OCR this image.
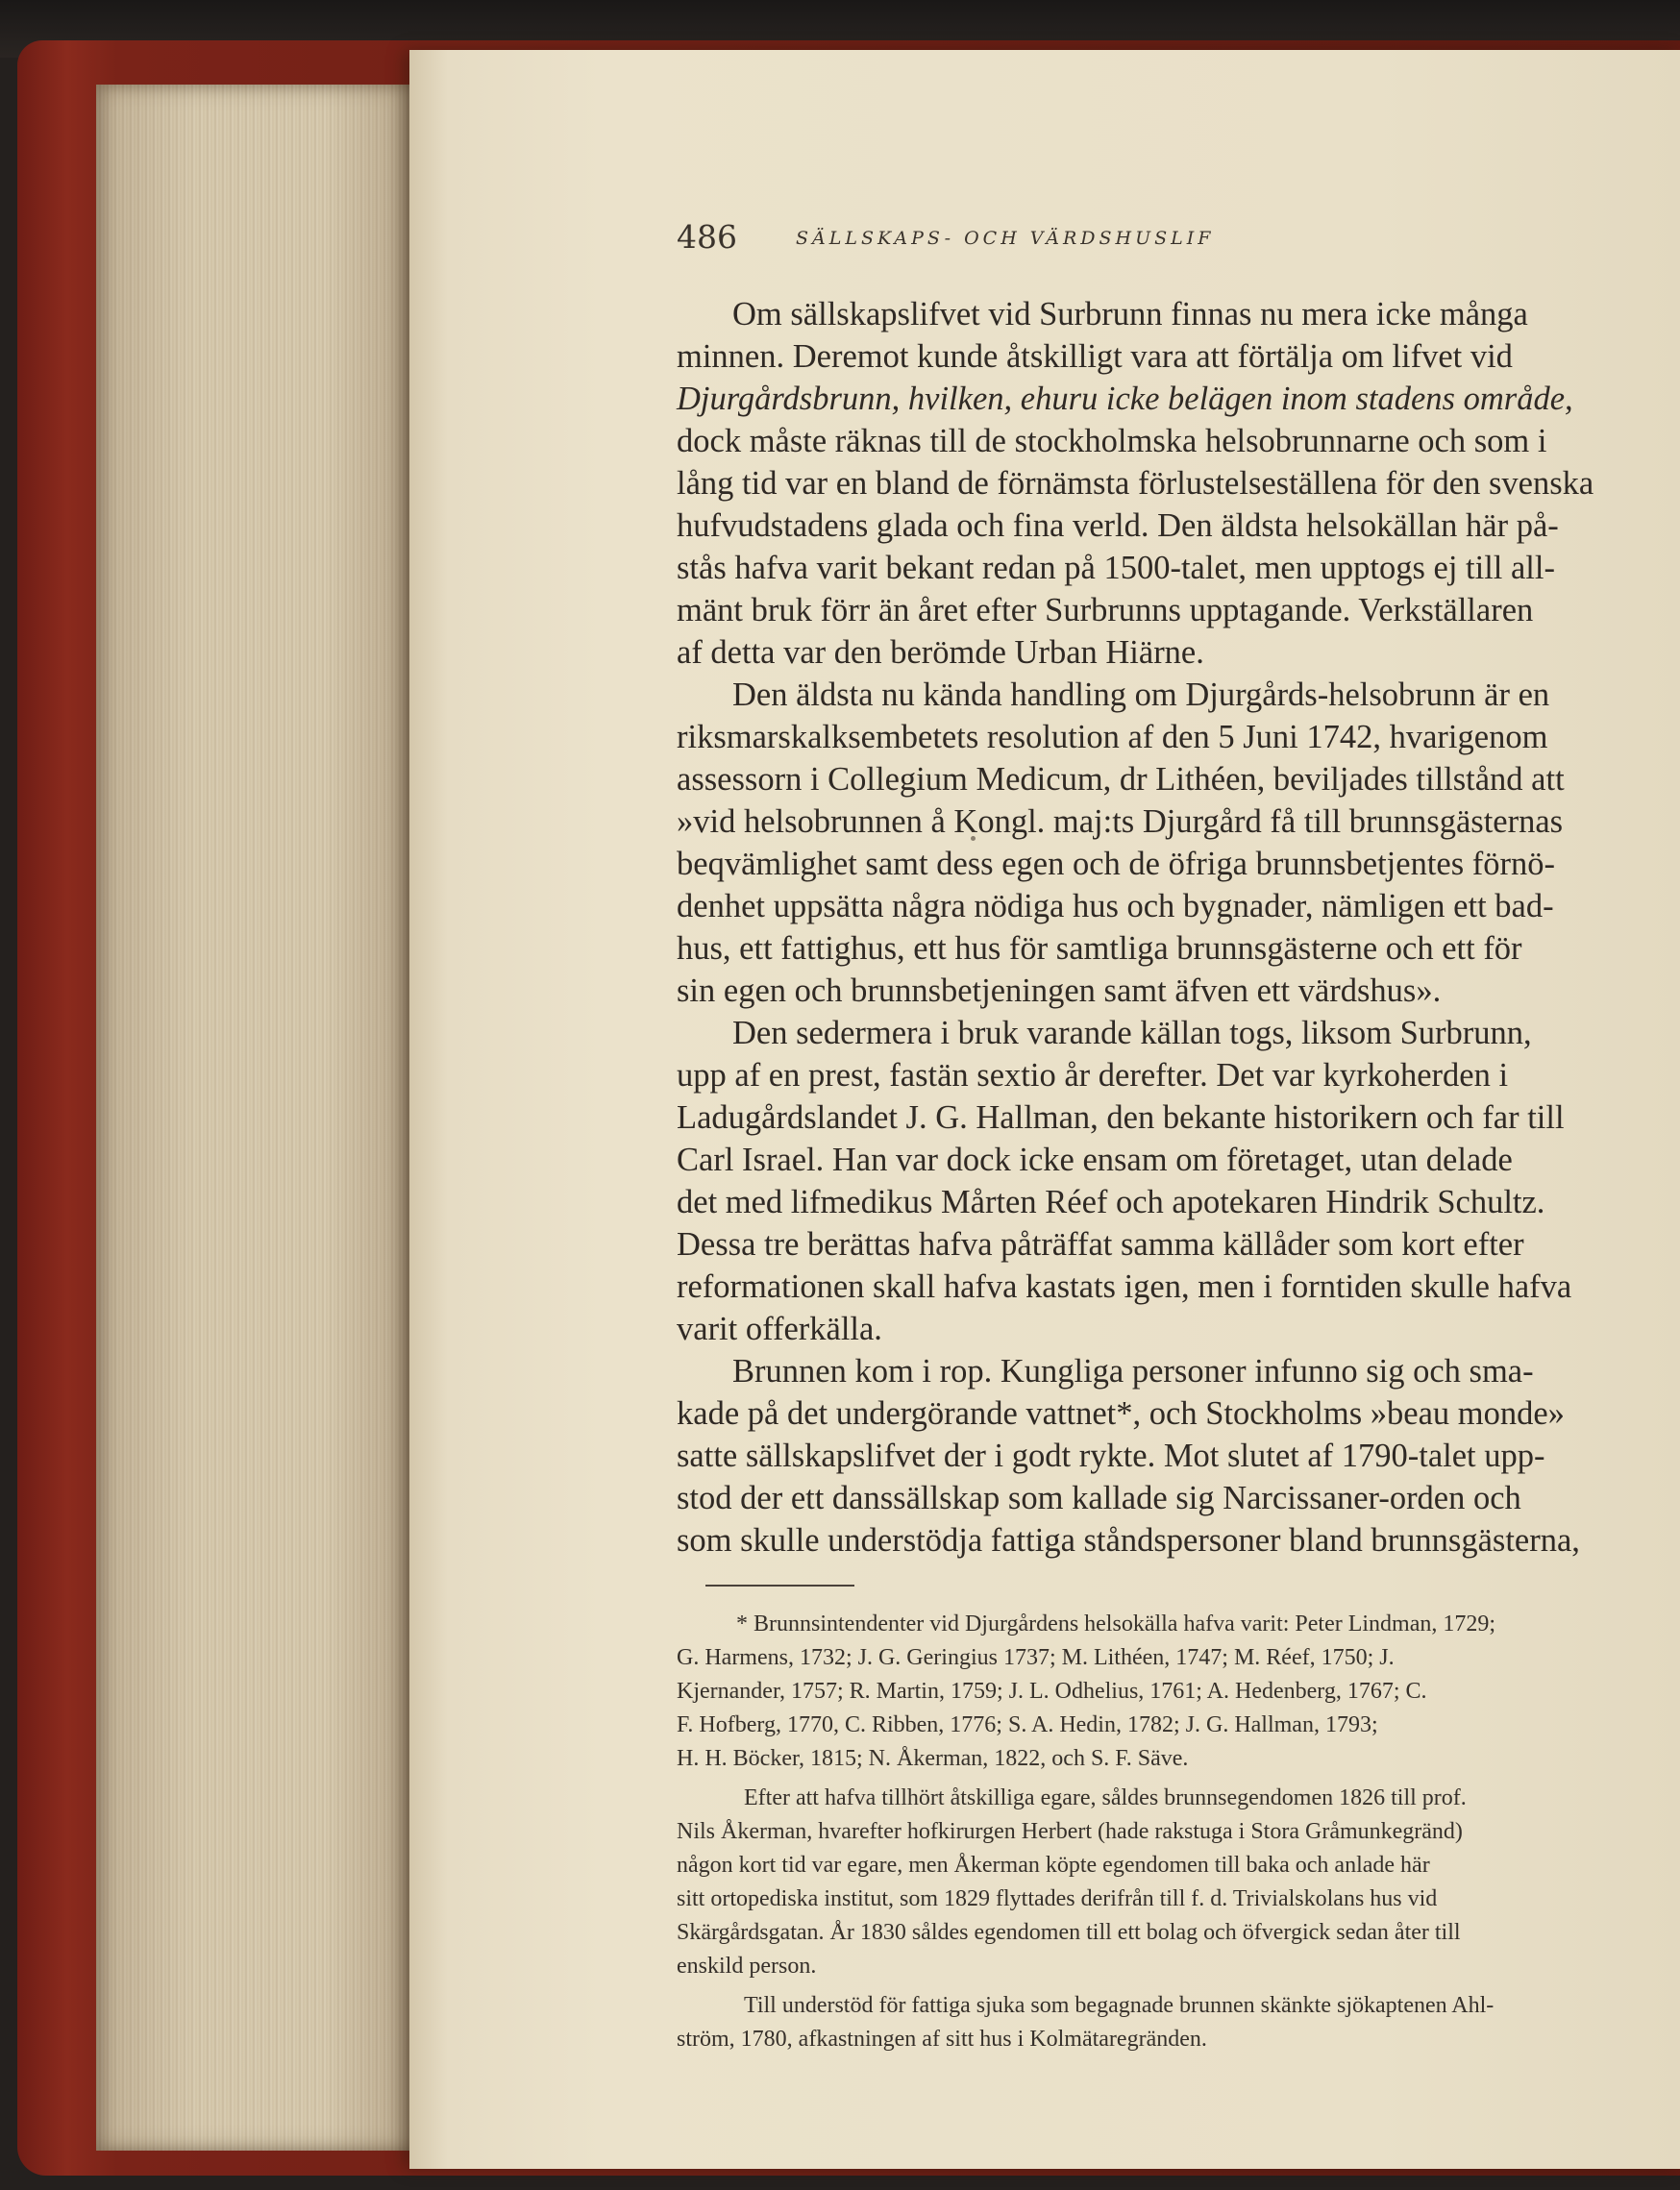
486	SÄLLSKAPS- OCH VÄRDSHUSLIF
Om sällskapslifvet vid Surbrunn finnas nu mera icke många
minnen. Deremot kunde åtskilligt vara att förtälja om lifvet vid
Djurgårdsbrunn, hvilken, ehuru icke belägen inom stadens område,
dock måste räknas till de stockholmska helsobrunnarne och som i
lång tid var en bland de förnämsta förlustelseställena för den svenska
hufvudstadens glada och fina verld. Den äldsta helsokällan här på-
stås hafva varit bekant redan på 1500-talet, men upptogs ej till all-
mänt bruk förr än året efter Surbrunns upptagande. Verkställaren
af detta var den berömde Urban Hiärne.
Den äldsta nu kända handling om Djurgårds-helsobrunn är en
riksmarskalksembetets resolution af den 5 Juni 1742, hvarigenom
assessorn i Collegium Medicum, dr Lithéen, beviljades tillstånd att
»vid helsobrunnen å Kongl. maj:ts Djurgård få till brunnsgästernas
beqvämlighet samt dess egen och de öfriga brunnsbetjentes förnö-
denhet uppsätta några nödiga hus och bygnader, nämligen ett bad-
hus, ett fattighus, ett hus för samtliga brunnsgästerne och ett för
sin egen och brunnsbetjeningen samt äfven ett värdshus».
Den sedermera i bruk varande källan togs, liksom Surbrunn,
upp af en prest, fastän sextio år derefter. Det var kyrkoherden i
Ladugårdslandet J. G. Hallman, den bekante historikern och far till
Carl Israel. Han var dock icke ensam om företaget, utan delade
det med lifmedikus Mårten Réef och apotekaren Hindrik Schultz.
Dessa tre berättas hafva påträffat samma källåder som kort efter
reformationen skall hafva kastats igen, men i forntiden skulle hafva
varit offerkälla.
Brunnen kom i rop. Kungliga personer infunno sig och sma-
kade på det undergörande vattnet*, och Stockholms »beau monde»
satte sällskapslifvet der i godt rykte. Mot slutet af 1790-talet upp-
stod der ett danssällskap som kallade sig Narcissaner-orden och
som skulle understödja fattiga ståndspersoner bland brunnsgästerna,
* Brunnsintendenter vid Djurgårdens helsokälla hafva varit: Peter Lindman, 1729;
G. Harmens, 1732; J. G. Geringius 1737; M. Lithéen, 1747; M. Réef, 1750; J.
Kjernander, 1757; R. Martin, 1759; J. L. Odhelius, 1761; A. Hedenberg, 1767; C.
F. Hofberg, 1770, C. Ribben, 1776; S. A. Hedin, 1782; J. G. Hallman, 1793;
H. H. Böcker, 1815; N. Åkerman, 1822, och S. F. Säve.
Efter att hafva tillhört åtskilliga egare, såldes brunnsegendomen 1826 till prof.
Nils Åkerman, hvarefter hofkirurgen Herbert (hade rakstuga i Stora Gråmunkegränd)
någon kort tid var egare, men Åkerman köpte egendomen till baka och anlade här
sitt ortopediska institut, som 1829 flyttades derifrån till f. d. Trivialskolans hus vid
Skärgårdsgatan. År 1830 såldes egendomen till ett bolag och öfvergick sedan åter till
enskild person.
Till understöd för fattiga sjuka som begagnade brunnen skänkte sjökaptenen Ahl-
ström, 1780, afkastningen af sitt hus i Kolmätaregränden.
